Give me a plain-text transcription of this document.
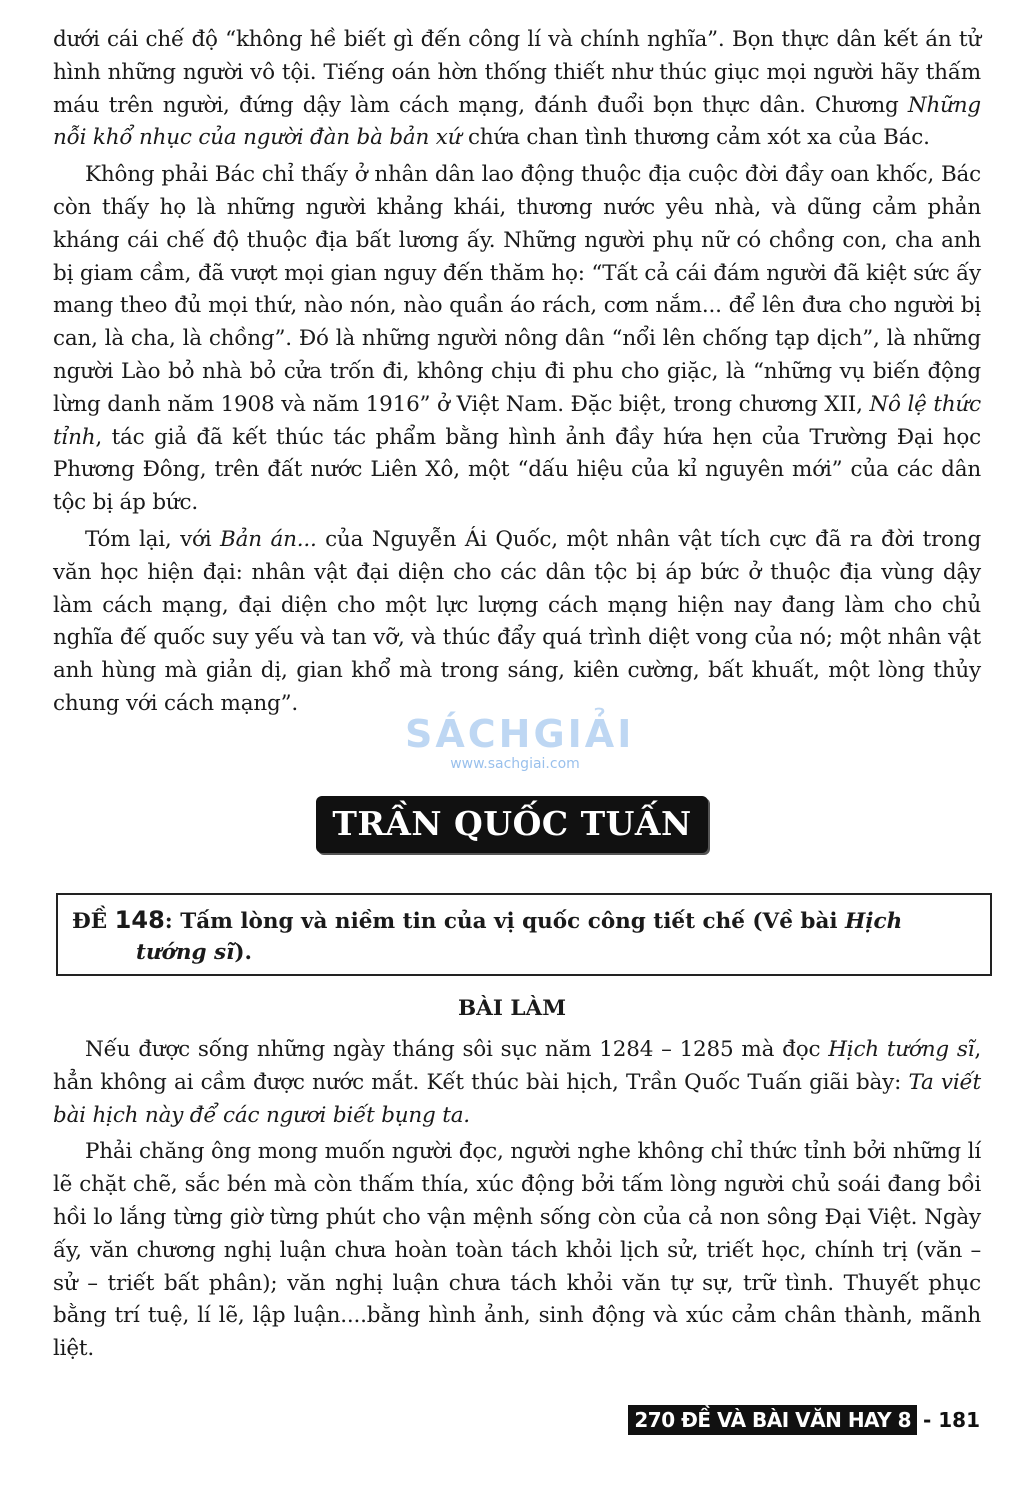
dưới cái chế độ “không hề biết gì đến công lí và chính nghĩa”. Bọn thực dân kết án tử hình những người vô tội. Tiếng oán hờn thống thiết như thúc giục mọi người hãy thấm máu trên người, đứng dậy làm cách mạng, đánh đuổi bọn thực dân. Chương Những nỗi khổ nhục của người đàn bà bản xứ chứa chan tình thương cảm xót xa của Bác.

Không phải Bác chỉ thấy ở nhân dân lao động thuộc địa cuộc đời đầy oan khốc, Bác còn thấy họ là những người khảng khái, thương nước yêu nhà, và dũng cảm phản kháng cái chế độ thuộc địa bất lương ấy. Những người phụ nữ có chồng con, cha anh bị giam cầm, đã vượt mọi gian nguy đến thăm họ: “Tất cả cái đám người đã kiệt sức ấy mang theo đủ mọi thứ, nào nón, nào quần áo rách, cơm nắm... để lên đưa cho người bị can, là cha, là chồng”. Đó là những người nông dân “nổi lên chống tạp dịch”, là những người Lào bỏ nhà bỏ cửa trốn đi, không chịu đi phu cho giặc, là “những vụ biến động lừng danh năm 1908 và năm 1916” ở Việt Nam. Đặc biệt, trong chương XII, Nô lệ thức tỉnh, tác giả đã kết thúc tác phẩm bằng hình ảnh đầy hứa hẹn của Trường Đại học Phương Đông, trên đất nước Liên Xô, một “dấu hiệu của kỉ nguyên mới” của các dân tộc bị áp bức.

Tóm lại, với Bản án... của Nguyễn Ái Quốc, một nhân vật tích cực đã ra đời trong văn học hiện đại: nhân vật đại diện cho các dân tộc bị áp bức ở thuộc địa vùng dậy làm cách mạng, đại diện cho một lực lượng cách mạng hiện nay đang làm cho chủ nghĩa đế quốc suy yếu và tan vỡ, và thúc đẩy quá trình diệt vong của nó; một nhân vật anh hùng mà giản dị, gian khổ mà trong sáng, kiên cường, bất khuất, một lòng thủy chung với cách mạng”.

SÁCHGIẢI
www.sachgiai.com
TRẦN QUỐC TUẤN
ĐỀ 148: Tấm lòng và niềm tin của vị quốc công tiết chế (Về bài Hịch
tướng sĩ).
BÀI LÀM

Nếu được sống những ngày tháng sôi sục năm 1284 – 1285 mà đọc Hịch tướng sĩ, hẳn không ai cầm được nước mắt. Kết thúc bài hịch, Trần Quốc Tuấn giãi bày: Ta viết bài hịch này để các ngươi biết bụng ta.

Phải chăng ông mong muốn người đọc, người nghe không chỉ thức tỉnh bởi những lí lẽ chặt chẽ, sắc bén mà còn thấm thía, xúc động bởi tấm lòng người chủ soái đang bồi hồi lo lắng từng giờ từng phút cho vận mệnh sống còn của cả non sông Đại Việt. Ngày ấy, văn chương nghị luận chưa hoàn toàn tách khỏi lịch sử, triết học, chính trị (văn – sử – triết bất phân); văn nghị luận chưa tách khỏi văn tự sự, trữ tình. Thuyết phục bằng trí tuệ, lí lẽ, lập luận....bằng hình ảnh, sinh động và xúc cảm chân thành, mãnh liệt.

270 ĐỀ VÀ BÀI VĂN HAY 8 - 181
